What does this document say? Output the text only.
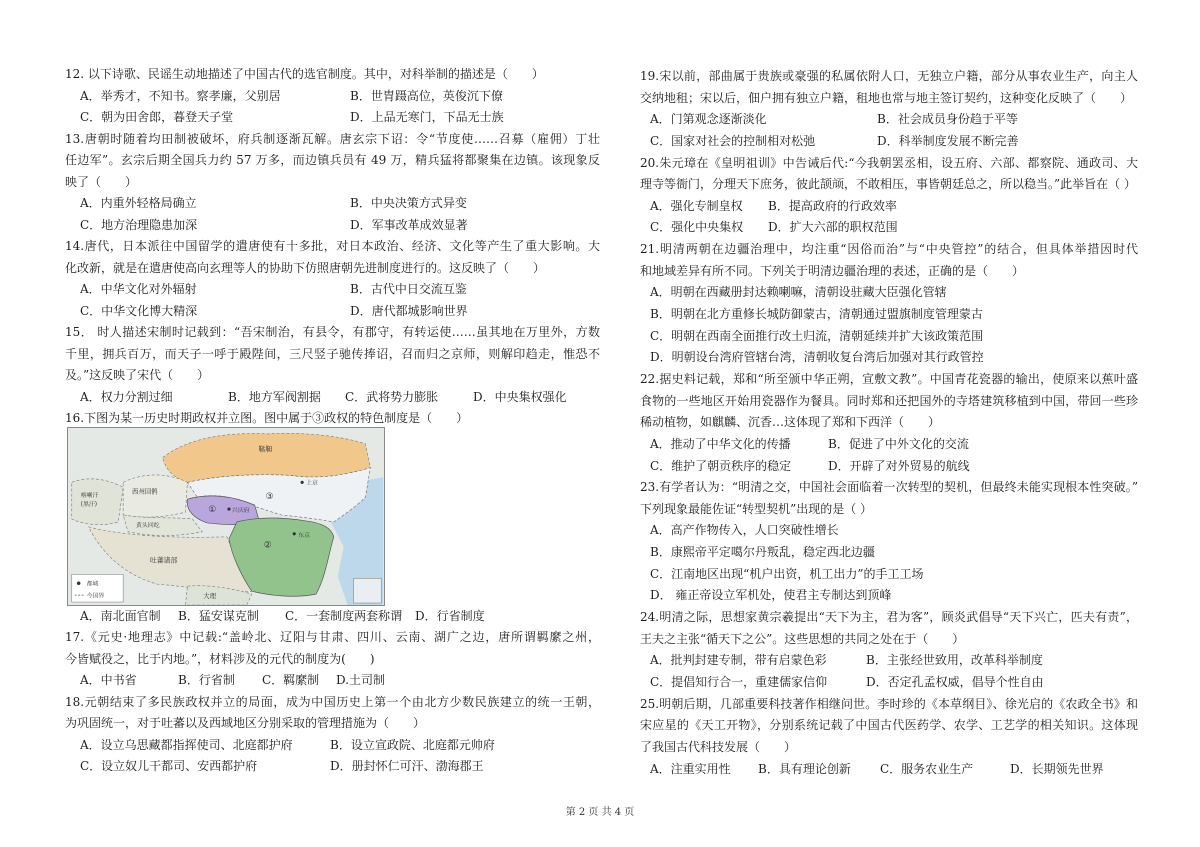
12. 以下诗歌、民谣生动地描述了中国古代的选官制度。其中，对科举制的描述是（　　）
A．举秀才，不知书。察孝廉，父别居	B．世胄蹑高位，英俊沉下僚
C．朝为田舍郎，暮登天子堂	D．上品无寒门，下品无士族
13.唐朝时随着均田制被破坏，府兵制逐渐瓦解。唐玄宗下诏：令“节度使……召募（雇佣）丁壮
任边军”。玄宗后期全国兵力约 57 万多，而边镇兵员有 49 万，精兵猛将都聚集在边镇。该现象反
映了（　　）
A．内重外轻格局确立	B．中央决策方式异变
C．地方治理隐患加深	D．军事改革成效显著
14.唐代，日本派往中国留学的遣唐使有十多批，对日本政治、经济、文化等产生了重大影响。大
化改新，就是在遣唐使高向玄理等人的协助下仿照唐朝先进制度进行的。这反映了（　　）
A．中华文化对外辐射	B．古代中日交流互鉴
C．中华文化博大精深	D．唐代都城影响世界
15． 时人描述宋制时记载到：“吾宋制治，有县令，有郡守，有转运使……虽其地在万里外，方数
千里，拥兵百万，而天子一呼于殿陛间，三尺竖子驰传捧诏，召而归之京师，则解印趋走，惟恐不
及。”这反映了宋代（　　）
A．权力分割过细	B．地方军阀割据 C．武将势力膨胀	D．中央集权强化
16.下图为某一历史时期政权并立图。图中属于③政权的特色制度是（　　）
鞑靼
上京
西州回鹘
喀喇汗
(黑汗)
黄头回纥
吐蕃诸部
兴庆府
东京
大理
①
②
③
都城
今国界
A．南北面官制 B．猛安谋克制 C．一套制度两套称谓 D．行省制度
17.《元史·地理志》中记载:“盖岭北、辽阳与甘肃、四川、云南、湖广之边，唐所谓羁縻之州，
今皆赋役之，比于内地。”，材料涉及的元代的制度为(　　)
A．中书省	B．行省制 C．羁縻制 D.土司制
18.元朝结束了多民族政权并立的局面，成为中国历史上第一个由北方少数民族建立的统一王朝，
为巩固统一，对于吐蕃以及西域地区分别采取的管理措施为（　　）
A．设立乌思藏都指挥使司、北庭都护府	B．设立宣政院、北庭都元帅府
C．设立奴儿干都司、安西都护府	D．册封怀仁可汗、渤海郡王
19.宋以前，部曲属于贵族或豪强的私属依附人口，无独立户籍，部分从事农业生产，向主人
交纳地租；宋以后，佃户拥有独立户籍，租地也常与地主签订契约，这种变化反映了（　　）
A．门第观念逐渐淡化	B．社会成员身份趋于平等
C．国家对社会的控制相对松弛	D．科举制度发展不断完善
20.朱元璋在《皇明祖训》中告诫后代:“今我朝罢丞相，设五府、六部、都察院、通政司、大
理寺等衙门，分理天下庶务，彼此颉颃，不敢相压，事皆朝廷总之，所以稳当。”此举旨在（ ）
A．强化专制皇权 B．提高政府的行政效率
C．强化中央集权 D．扩大六部的职权范围
21.明清两朝在边疆治理中，均注重“因俗而治”与“中央管控”的结合，但具体举措因时代
和地域差异有所不同。下列关于明清边疆治理的表述，正确的是（　　）
A．明朝在西藏册封达赖喇嘛，清朝设驻藏大臣强化管辖
B．明朝在北方重修长城防御蒙古，清朝通过盟旗制度管理蒙古
C．明朝在西南全面推行改土归流，清朝延续并扩大该政策范围
D．明朝设台湾府管辖台湾，清朝收复台湾后加强对其行政管控
22.据史料记载，郑和“所至颁中华正朔，宣敷文教”。中国青花瓷器的输出，使原来以蕉叶盛
食物的一些地区开始用瓷器作为餐具。同时郑和还把国外的寺塔建筑移植到中国，带回一些珍
稀动植物，如麒麟、沉香…这体现了郑和下西洋（　　）
A．推动了中华文化的传播	B．促进了中外文化的交流
C．维护了朝贡秩序的稳定	D．开辟了对外贸易的航线
23.有学者认为：“明清之交，中国社会面临着一次转型的契机，但最终未能实现根本性突破。”
下列现象最能佐证“转型契机”出现的是（ ）
A．高产作物传入，人口突破性增长
B．康熙帝平定噶尔丹叛乱，稳定西北边疆
C．江南地区出现“机户出资，机工出力”的手工工场
D． 雍正帝设立军机处，使君主专制达到顶峰
24.明清之际，思想家黄宗羲提出“天下为主，君为客”，顾炎武倡导“天下兴亡，匹夫有责”，
王夫之主张“循天下之公”。这些思想的共同之处在于（　　）
A．批判封建专制，带有启蒙色彩	B．主张经世致用，改革科举制度
C．提倡知行合一，重建儒家信仰	D．否定孔孟权威，倡导个性自由
25.明朝后期，几部重要科技著作相继问世。李时珍的《本草纲目》、徐光启的《农政全书》和
宋应星的《天工开物》，分别系统记载了中国古代医药学、农学、工艺学的相关知识。这体现
了我国古代科技发展（　　）
A．注重实用性 B．具有理论创新 C．服务农业生产	D．长期领先世界
第 2 页 共 4 页
